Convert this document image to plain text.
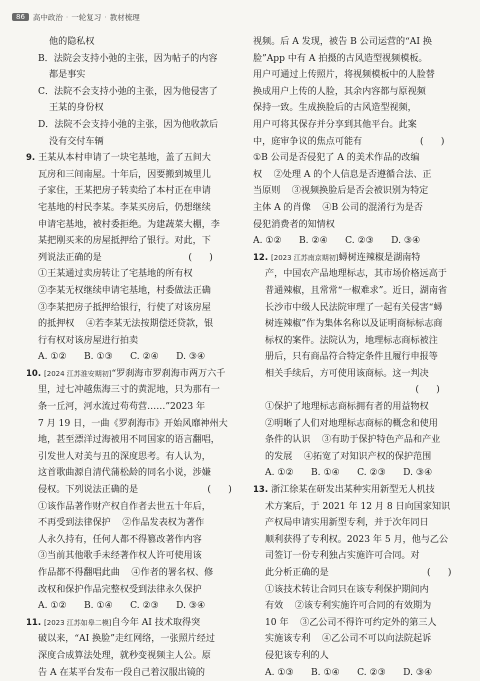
86	高中政治 · 一轮复习 · 教材梳理
他的隐私权
B．法院会支持小弛的主张，因为帖子的内容
都是事实
C．法院不会支持小弛的主张，因为他侵害了
王某的身份权
D．法院不会支持小弛的主张，因为他收款后
没有交付车辆
9. 王某从本村申请了一块宅基地，盖了五间大
瓦房和三间南屋。十年后，因要搬到城里儿
子家住，王某把房子转卖给了本村正在申请
宅基地的村民李某。李某买房后，仍想继续
申请宅基地，被村委拒绝。为建蔬菜大棚，李
某把刚买来的房屋抵押给了银行。对此，下
列说法正确的是                              (      )
①王某通过卖房转让了宅基地的所有权
②李某无权继续申请宅基地，村委做法正确
③李某把房子抵押给银行，行使了对该房屋
的抵押权    ④若李某无法按期偿还贷款，银
行有权对该房屋进行拍卖
A. ①②      B. ①③      C. ②④      D. ③④
10. [2024 江苏淮安期初]“罗刹海市罗刹海市两万六千
里，过七冲越焦海三寸的黄泥地，只为那有一
条一丘河，河水流过苟苟营……”2023 年
7 月 19 日，一曲《罗刹海市》开始风靡神州大
地，甚至漂洋过海被用不同国家的语言翻唱，
引发世人对美与丑的深度思考。有人认为，
这首歌曲源自清代蒲松龄的同名小说，涉嫌
侵权。下列说法正确的是                        (      )
①该作品著作财产权自作者去世五十年后，
不再受到法律保护    ②作品发表权为著作
人永久持有，任何人都不得篡改著作内容
③当前其他歌手未经著作权人许可使用该
作品都不得翻唱此曲    ④作者的署名权、修
改权和保护作品完整权受到法律永久保护
A. ①②      B. ①④      C. ②③      D. ③④
11. [2023 江苏如皋二模]自今年 AI 技术取得突
破以来，“AI 换脸”走红网络，一张照片经过
深度合成算法处理，就秒变视频主人公。原
告 A 在某平台发布一段自己着汉服出镜的
视频。后 A 发现，被告 B 公司运营的“AI 换
脸”App 中有 A 拍摄的古风造型视频模板。
用户可通过上传照片，将视频模板中的人脸替
换成用户上传的人脸，其余内容都与原视频
保持一致。生成换脸后的古风造型视频，
用户可将其保存并分享到其他平台。此案
中，庭审争议的焦点可能有                    (      )
①B 公司是否侵犯了 A 的美术作品的改编
权    ②处理 A 的个人信息是否遵循合法、正
当原则    ③视频换脸后是否会被识别为特定
主体 A 的肖像    ④B 公司的混淆行为是否
侵犯消费者的知情权
A. ①②      B. ②④      C. ②③      D. ③④
12. [2023 江苏南京期初]蟳树连辣椒是湖南特
产，中国农产品地理标志，其市场价格远高于
普通辣椒，且常常“一椒难求”。近日，湖南省
长沙市中级人民法院审理了一起有关侵害“蟳
树连辣椒”作为集体名称以及证明商标标志商
标权的案件。法院认为，地理标志商标被注
册后，只有商品符合特定条件且履行申报等
相关手续后，方可使用该商标。这一判决
(      )
①保护了地理标志商标拥有者的用益物权
②明晰了人们对地理标志商标的概念和使用
条件的认识    ③有助于保护特色产品和产业
的发展    ④拓宽了对知识产权的保护范围
A. ①②      B. ①④      C. ②③      D. ③④
13. 浙江徐某在研发出某种实用新型无人机技
术方案后，于 2021 年 12 月 8 日向国家知识
产权局申请实用新型专利，并于次年同日
顺利获得了专利权。2023 年 5 月，他与乙公
司签订一份专利独占实施许可合同。对
此分析正确的是                                  (      )
①该技术转让合同只在该专利保护期间内
有效    ②该专利实施许可合同的有效期为
10 年    ③乙公司不得许可约定外的第三人
实施该专利    ④乙公司不可以向法院起诉
侵犯该专利的人
A. ①③      B. ①④      C. ②③      D. ③④
